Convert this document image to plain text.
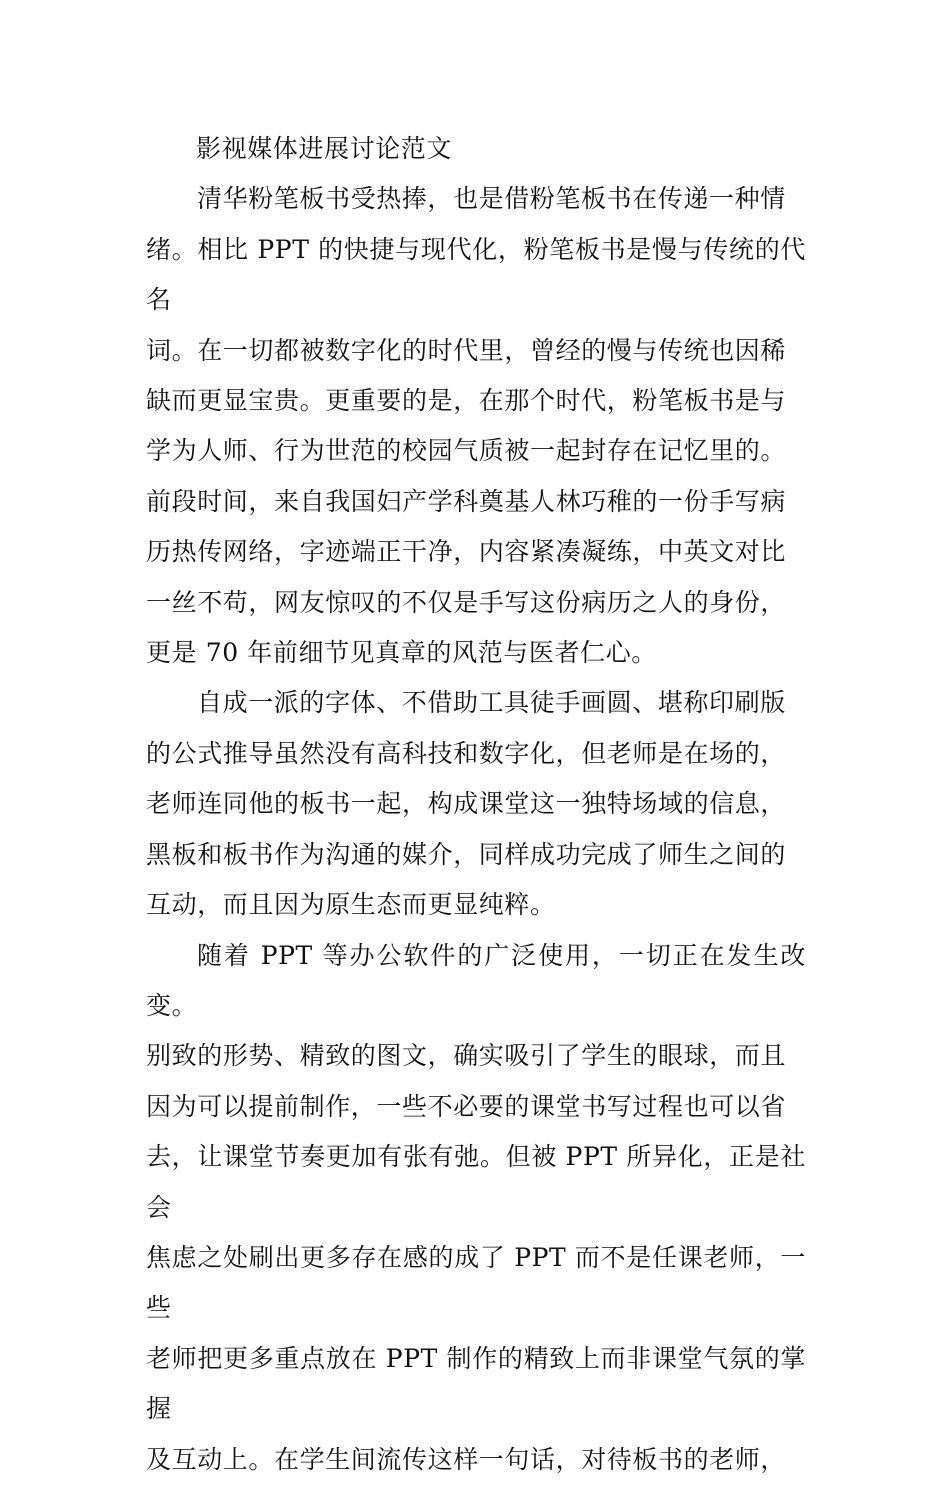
影视媒体进展讨论范文

清华粉笔板书受热捧，也是借粉笔板书在传递一种情
绪。相比 PPT 的快捷与现代化，粉笔板书是慢与传统的代名
词。在一切都被数字化的时代里，曾经的慢与传统也因稀
缺而更显宝贵。更重要的是，在那个时代，粉笔板书是与
学为人师、行为世范的校园气质被一起封存在记忆里的。
前段时间，来自我国妇产学科奠基人林巧稚的一份手写病
历热传网络，字迹端正干净，内容紧凑凝练，中英文对比
一丝不苟，网友惊叹的不仅是手写这份病历之人的身份，
更是 70 年前细节见真章的风范与医者仁心。

自成一派的字体、不借助工具徒手画圆、堪称印刷版
的公式推导虽然没有高科技和数字化，但老师是在场的，
老师连同他的板书一起，构成课堂这一独特场域的信息，
黑板和板书作为沟通的媒介，同样成功完成了师生之间的
互动，而且因为原生态而更显纯粹。

随着 PPT 等办公软件的广泛使用，一切正在发生改变。
别致的形势、精致的图文，确实吸引了学生的眼球，而且
因为可以提前制作，一些不必要的课堂书写过程也可以省
去，让课堂节奏更加有张有弛。但被 PPT 所异化，正是社会
焦虑之处刷出更多存在感的成了 PPT 而不是任课老师，一些
老师把更多重点放在 PPT 制作的精致上而非课堂气氛的掌握
及互动上。在学生间流传这样一句话，对待板书的老师，
